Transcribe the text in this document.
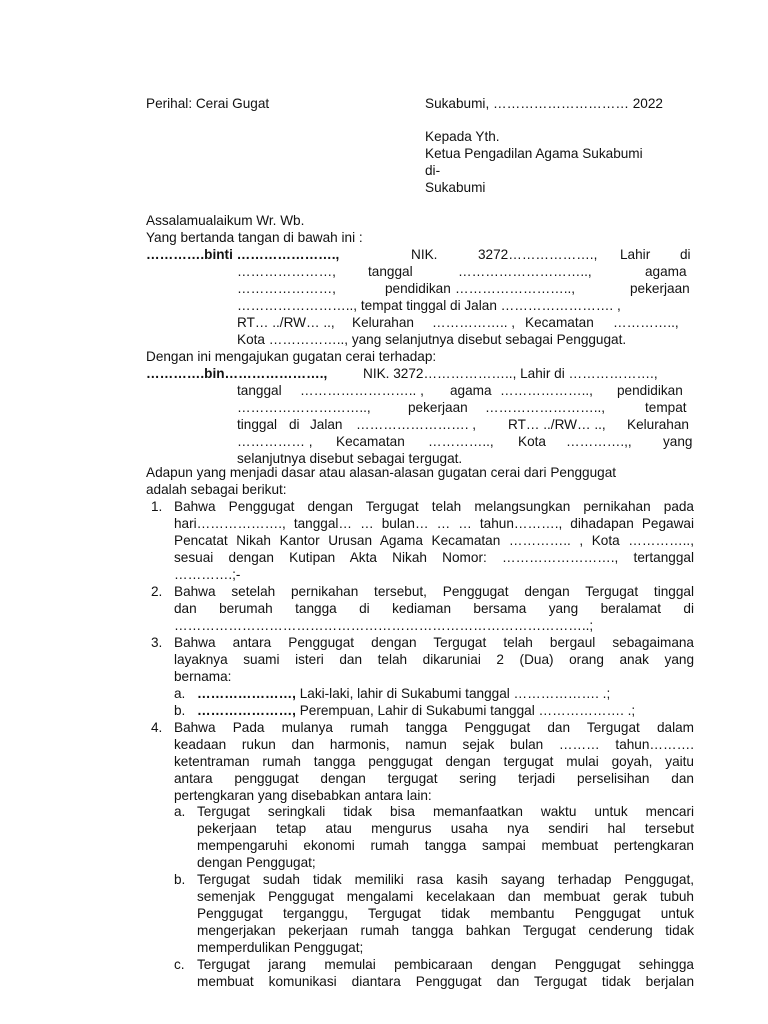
Perihal: Cerai Gugat	Sukabumi, ………………………… 2022
Kepada Yth.
Ketua Pengadilan Agama Sukabumi
di-
Sukabumi
Assalamualaikum Wr. Wb.
Yang bertanda tangan di bawah ini :
………….binti ………………….,	NIK.	3272………………., Lahir di
…………………, tanggal	………………………..,	agama
…………………,	pendidikan ……………………..,	pekerjaan
…………………….., tempat tinggal di Jalan ……………………. ,
RT… ../RW… .., Kelurahan …………….. , Kecamatan …………..,
Kota …………….., yang selanjutnya disebut sebagai Penggugat.
Dengan ini mengajukan gugatan cerai terhadap:
………….bin………………….,	NIK. 3272……………….., Lahir di ……………….,
tanggal …………………….. , agama ……………….., pendidikan
………………………..,	pekerjaan ……………………..,	tempat
tinggal di Jalan ……………………. , RT… ../RW… .., Kelurahan
…………… , Kecamatan ………….., Kota ………….,, yang
selanjutnya disebut sebagai tergugat.
Adapun yang menjadi dasar atau alasan-alasan gugatan cerai dari Penggugat
adalah sebagai berikut:
1. Bahwa Penggugat dengan Tergugat telah melangsungkan pernikahan pada
hari………………., tanggal… … bulan… … … tahun………., dihadapan Pegawai
Pencatat Nikah Kantor Urusan Agama Kecamatan ………….. , Kota …………..,
sesuai dengan Kutipan Akta Nikah Nomor: ……………………., tertanggal
………….;-
2. Bahwa setelah pernikahan tersebut, Penggugat dengan Tergugat tinggal
dan berumah tangga di kediaman bersama yang beralamat di
………………………………………………………………………………..;
3. Bahwa antara Penggugat dengan Tergugat telah bergaul sebagaimana
layaknya suami isteri dan telah dikaruniai 2 (Dua) orang anak yang
bernama:
a. …………………, Laki-laki, lahir di Sukabumi tanggal ………………. .;
b. …………………, Perempuan, Lahir di Sukabumi tanggal ………………. .;
4. Bahwa Pada mulanya rumah tangga Penggugat dan Tergugat dalam
keadaan rukun dan harmonis, namun sejak bulan ……… tahun……….
ketentraman rumah tangga penggugat dengan tergugat mulai goyah, yaitu
antara penggugat dengan tergugat sering terjadi perselisihan dan
pertengkaran yang disebabkan antara lain:
a. Tergugat seringkali tidak bisa memanfaatkan waktu untuk mencari
pekerjaan tetap atau mengurus usaha nya sendiri hal tersebut
mempengaruhi ekonomi rumah tangga sampai membuat pertengkaran
dengan Penggugat;
b. Tergugat sudah tidak memiliki rasa kasih sayang terhadap Penggugat,
semenjak Penggugat mengalami kecelakaan dan membuat gerak tubuh
Penggugat terganggu, Tergugat tidak membantu Penggugat untuk
mengerjakan pekerjaan rumah tangga bahkan Tergugat cenderung tidak
memperdulikan Penggugat;
c. Tergugat jarang memulai pembicaraan dengan Penggugat sehingga
membuat komunikasi diantara Penggugat dan Tergugat tidak berjalan
